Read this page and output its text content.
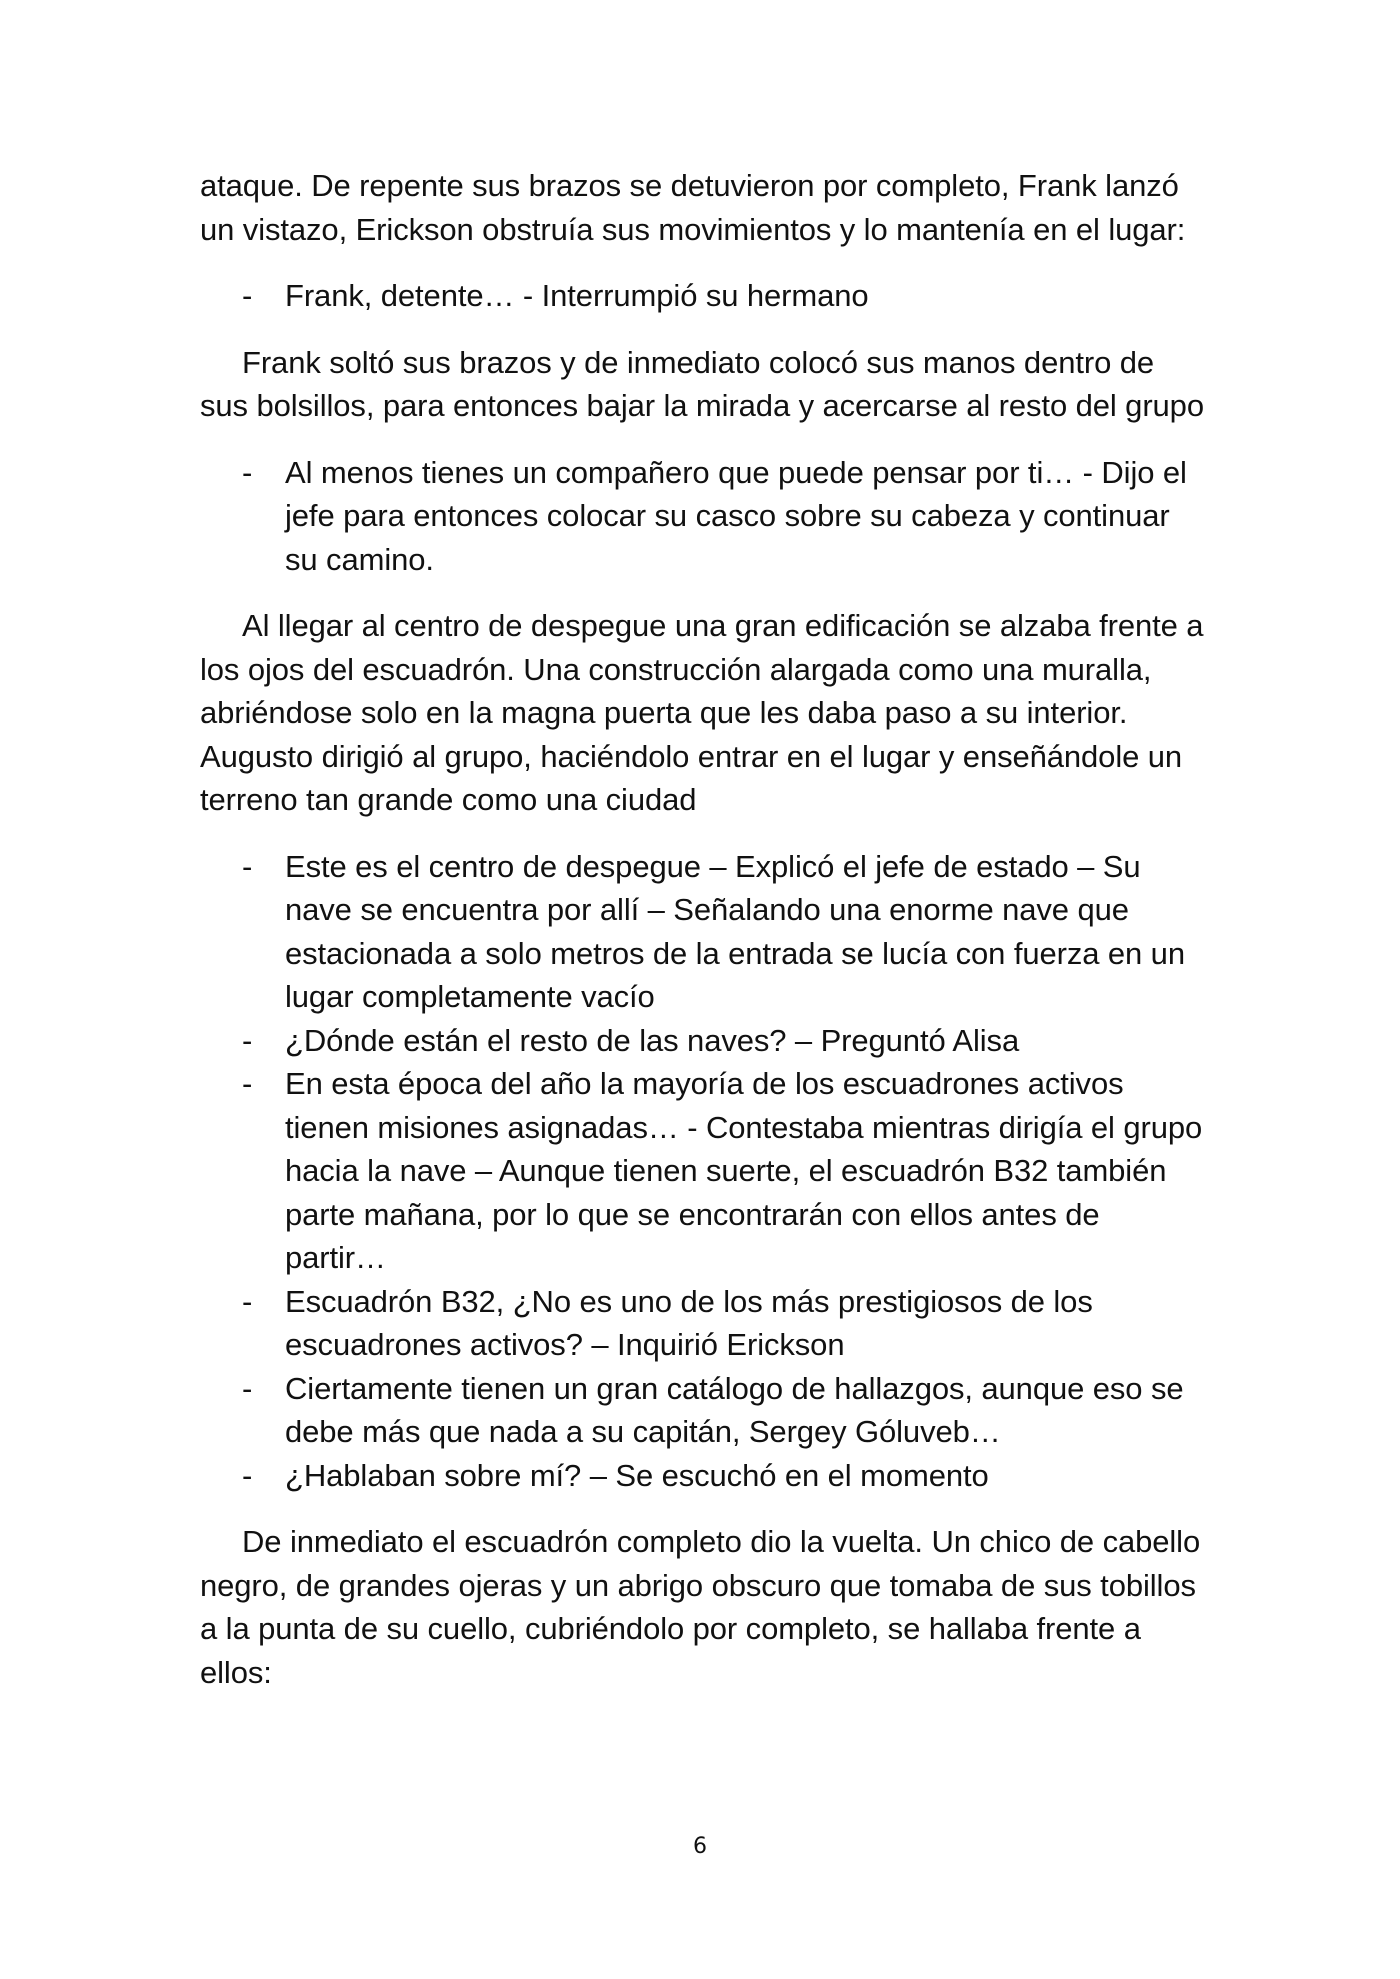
ataque. De repente sus brazos se detuvieron por completo, Frank lanzó un vistazo, Erickson obstruía sus movimientos y lo mantenía en el lugar:

- Frank, detente… - Interrumpió su hermano

Frank soltó sus brazos y de inmediato colocó sus manos dentro de sus bolsillos, para entonces bajar la mirada y acercarse al resto del grupo

- Al menos tienes un compañero que puede pensar por ti… - Dijo el jefe para entonces colocar su casco sobre su cabeza y continuar su camino.

Al llegar al centro de despegue una gran edificación se alzaba frente a los ojos del escuadrón. Una construcción alargada como una muralla, abriéndose solo en la magna puerta que les daba paso a su interior. Augusto dirigió al grupo, haciéndolo entrar en el lugar y enseñándole un terreno tan grande como una ciudad

- Este es el centro de despegue – Explicó el jefe de estado – Su nave se encuentra por allí – Señalando una enorme nave que estacionada a solo metros de la entrada se lucía con fuerza en un lugar completamente vacío
- ¿Dónde están el resto de las naves? – Preguntó Alisa
- En esta época del año la mayoría de los escuadrones activos tienen misiones asignadas… - Contestaba mientras dirigía el grupo hacia la nave – Aunque tienen suerte, el escuadrón B32 también parte mañana, por lo que se encontrarán con ellos antes de partir…
- Escuadrón B32, ¿No es uno de los más prestigiosos de los escuadrones activos? – Inquirió Erickson
- Ciertamente tienen un gran catálogo de hallazgos, aunque eso se debe más que nada a su capitán, Sergey Góluveb…
- ¿Hablaban sobre mí? – Se escuchó en el momento

De inmediato el escuadrón completo dio la vuelta. Un chico de cabello negro, de grandes ojeras y un abrigo obscuro que tomaba de sus tobillos a la punta de su cuello, cubriéndolo por completo, se hallaba frente a ellos:

6
